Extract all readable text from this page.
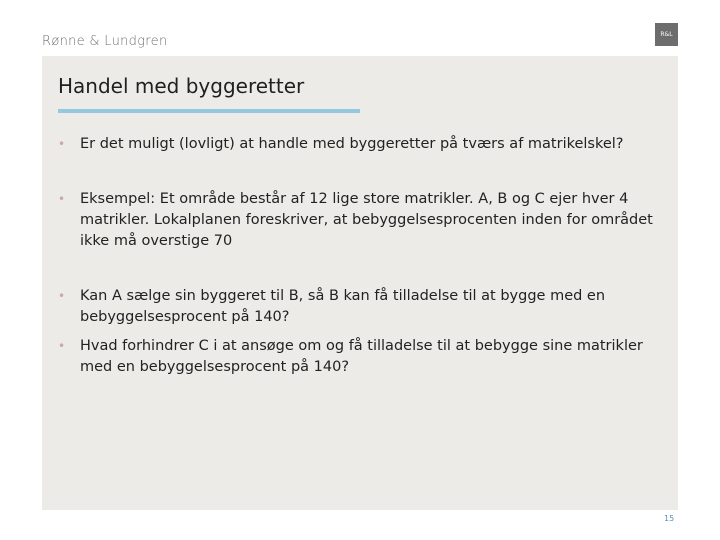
Rønne & Lundgren	R&L
Handel med byggeretter
•	Er det muligt (lovligt) at handle med byggeretter på tværs af matrikelskel?
•	Eksempel: Et område består af 12 lige store matrikler. A, B og C ejer hver 4 matrikler. Lokalplanen foreskriver, at bebyggelsesprocenten inden for området ikke må overstige 70
•	Kan A sælge sin byggeret til B, så B kan få tilladelse til at bygge med en bebyggelsesprocent på 140?
•	Hvad forhindrer C i at ansøge om og få tilladelse til at bebygge sine matrikler med en bebyggelsesprocent på 140?
15
